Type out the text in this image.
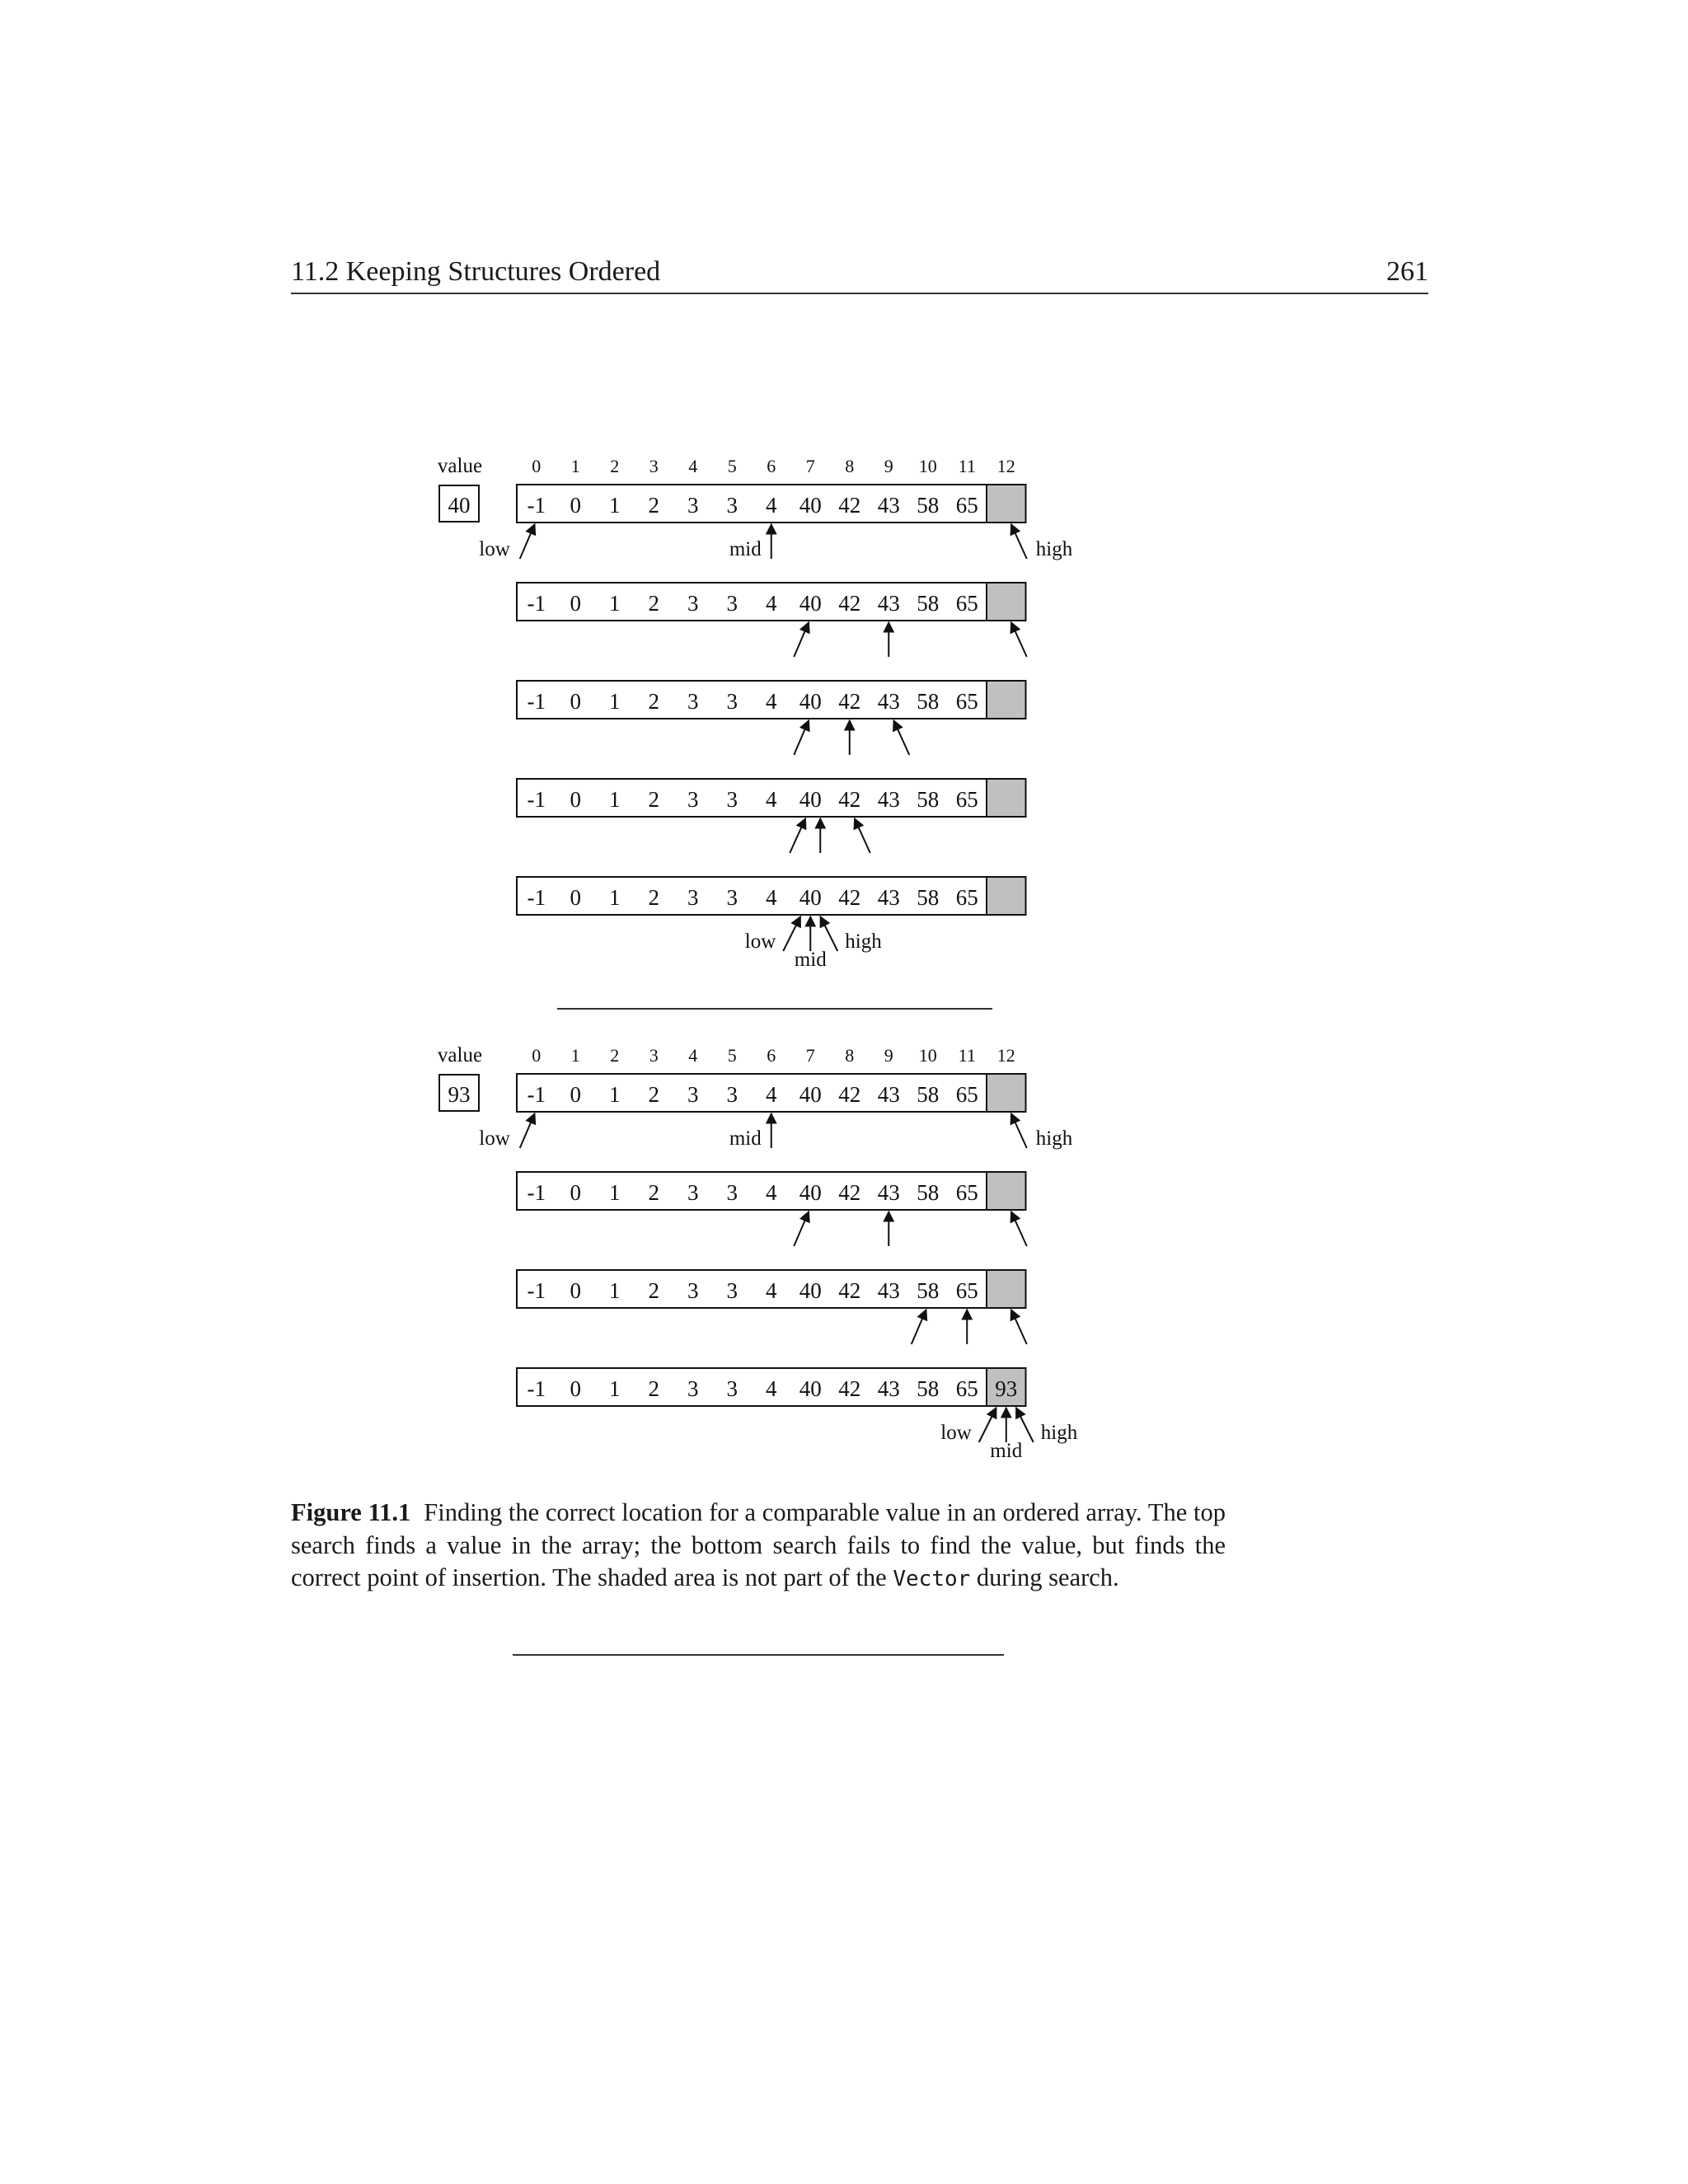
11.2 Keeping Structures Ordered	261
value
40
0 1 2 3 4 5 6 7 8 9 10 11 12
-1 0 1 2 3 3 4 40 42 43 58 65
low	mid	high
-1 0 1 2 3 3 4 40 42 43 58 65
-1 0 1 2 3 3 4 40 42 43 58 65
-1 0 1 2 3 3 4 40 42 43 58 65
-1 0 1 2 3 3 4 40 42 43 58 65
low
mid
high
value
93
0 1 2 3 4 5 6 7 8 9 10 11 12
-1 0 1 2 3 3 4 40 42 43 58 65
low	mid	high
-1 0 1 2 3 3 4 40 42 43 58 65
-1 0 1 2 3 3 4 40 42 43 58 65
-1 0 1 2 3 3 4 40 42 43 58 65 93
low
mid
high
Figure 11.1 Finding the correct location for a comparable value in an ordered array. The top search finds a value in the array; the bottom search fails to find the value, but finds the correct point of insertion. The shaded area is not part of the Vector during search.
